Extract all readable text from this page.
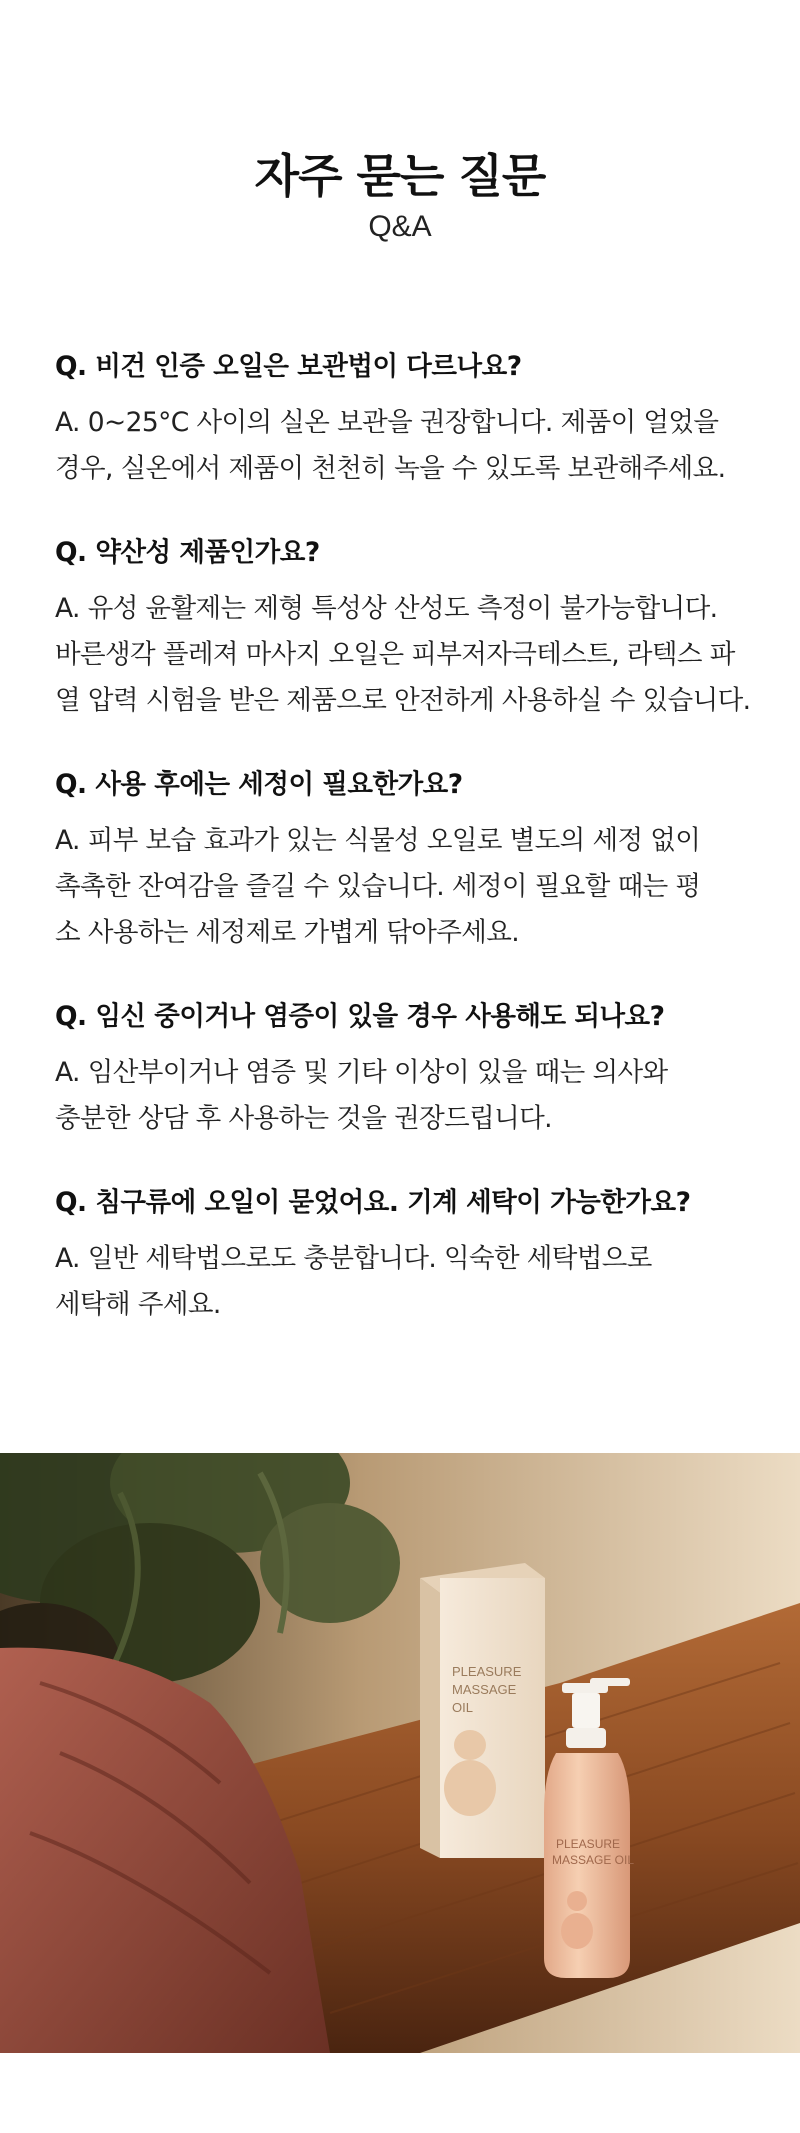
자주 묻는 질문
Q&A
Q. 비건 인증 오일은 보관법이 다르나요?
A. 0~25°C 사이의 실온 보관을 권장합니다. 제품이 얼었을
경우, 실온에서 제품이 천천히 녹을 수 있도록 보관해주세요.
Q. 약산성 제품인가요?
A. 유성 윤활제는 제형 특성상 산성도 측정이 불가능합니다.
바른생각 플레져 마사지 오일은 피부저자극테스트, 라텍스 파
열 압력 시험을 받은 제품으로 안전하게 사용하실 수 있습니다.
Q. 사용 후에는 세정이 필요한가요?
A. 피부 보습 효과가 있는 식물성 오일로 별도의 세정 없이
촉촉한 잔여감을 즐길 수 있습니다. 세정이 필요할 때는 평
소 사용하는 세정제로 가볍게 닦아주세요.
Q. 임신 중이거나 염증이 있을 경우 사용해도 되나요?
A. 임산부이거나 염증 및 기타 이상이 있을 때는 의사와
충분한 상담 후 사용하는 것을 권장드립니다.
Q. 침구류에 오일이 묻었어요. 기계 세탁이 가능한가요?
A. 일반 세탁법으로도 충분합니다. 익숙한 세탁법으로
세탁해 주세요.
PLEASURE
MASSAGE
OIL
PLEASURE
MASSAGE OIL
